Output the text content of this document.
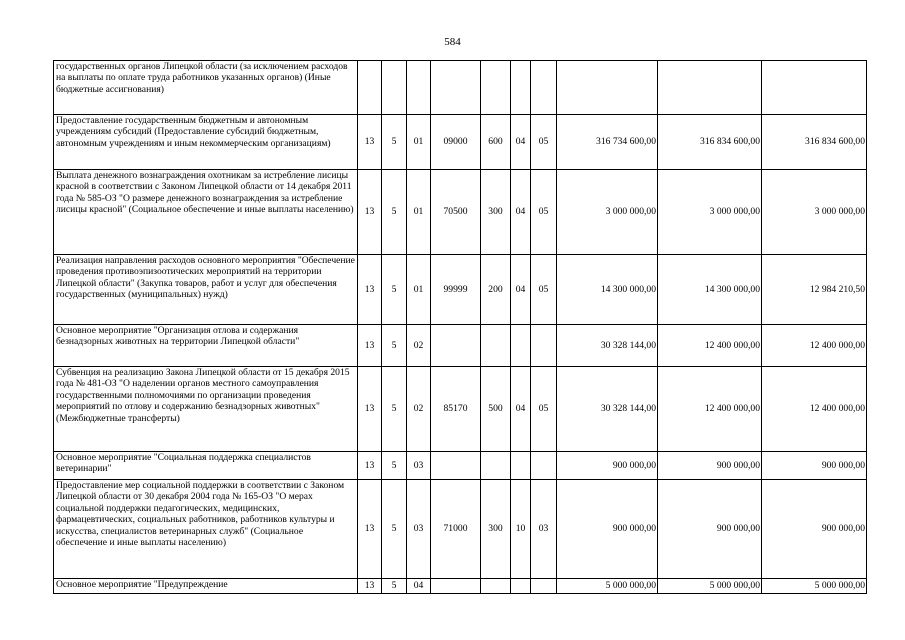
584
государственных органов Липецкой области (за исключением расходов на выплаты по оплате труда работников указанных органов) (Иные бюджетные ассигнования)										
Предоставление государственным бюджетным и автономным учреждениям субсидий (Предоставление субсидий бюджетным, автономным учреждениям и иным некоммерческим организациям)	13	5	01	09000	600	04	05	316 734 600,00	316 834 600,00	316 834 600,00
Выплата денежного вознаграждения охотникам за истребление лисицы красной в соответствии с Законом Липецкой области от 14 декабря 2011 года № 585-ОЗ "О размере денежного вознаграждения за истребление лисицы красной" (Социальное обеспечение и иные выплаты населению)	13	5	01	70500	300	04	05	3 000 000,00	3 000 000,00	3 000 000,00
Реализация направления расходов основного мероприятия "Обеспечение проведения противоэпизоотических мероприятий на территории Липецкой области" (Закупка товаров, работ и услуг для обеспечения государственных (муниципальных) нужд)	13	5	01	99999	200	04	05	14 300 000,00	14 300 000,00	12 984 210,50
Основное мероприятие "Организация отлова и содержания безнадзорных животных на территории Липецкой области"	13	5	02					30 328 144,00	12 400 000,00	12 400 000,00
Субвенция на реализацию Закона Липецкой области от 15 декабря 2015 года № 481-ОЗ "О наделении органов местного самоуправления государственными полномочиями по организации проведения мероприятий по отлову и содержанию безнадзорных животных" (Межбюджетные трансферты)	13	5	02	85170	500	04	05	30 328 144,00	12 400 000,00	12 400 000,00
Основное мероприятие "Социальная поддержка специалистов ветеринарии"	13	5	03					900 000,00	900 000,00	900 000,00
Предоставление мер социальной поддержки в соответствии с Законом Липецкой области от 30 декабря 2004 года № 165-ОЗ "О мерах социальной поддержки педагогических, медицинских, фармацевтических, социальных работников, работников культуры и искусства, специалистов ветеринарных служб" (Социальное обеспечение и иные выплаты населению)	13	5	03	71000	300	10	03	900 000,00	900 000,00	900 000,00
Основное мероприятие "Предупреждение	13	5	04					5 000 000,00	5 000 000,00	5 000 000,00
